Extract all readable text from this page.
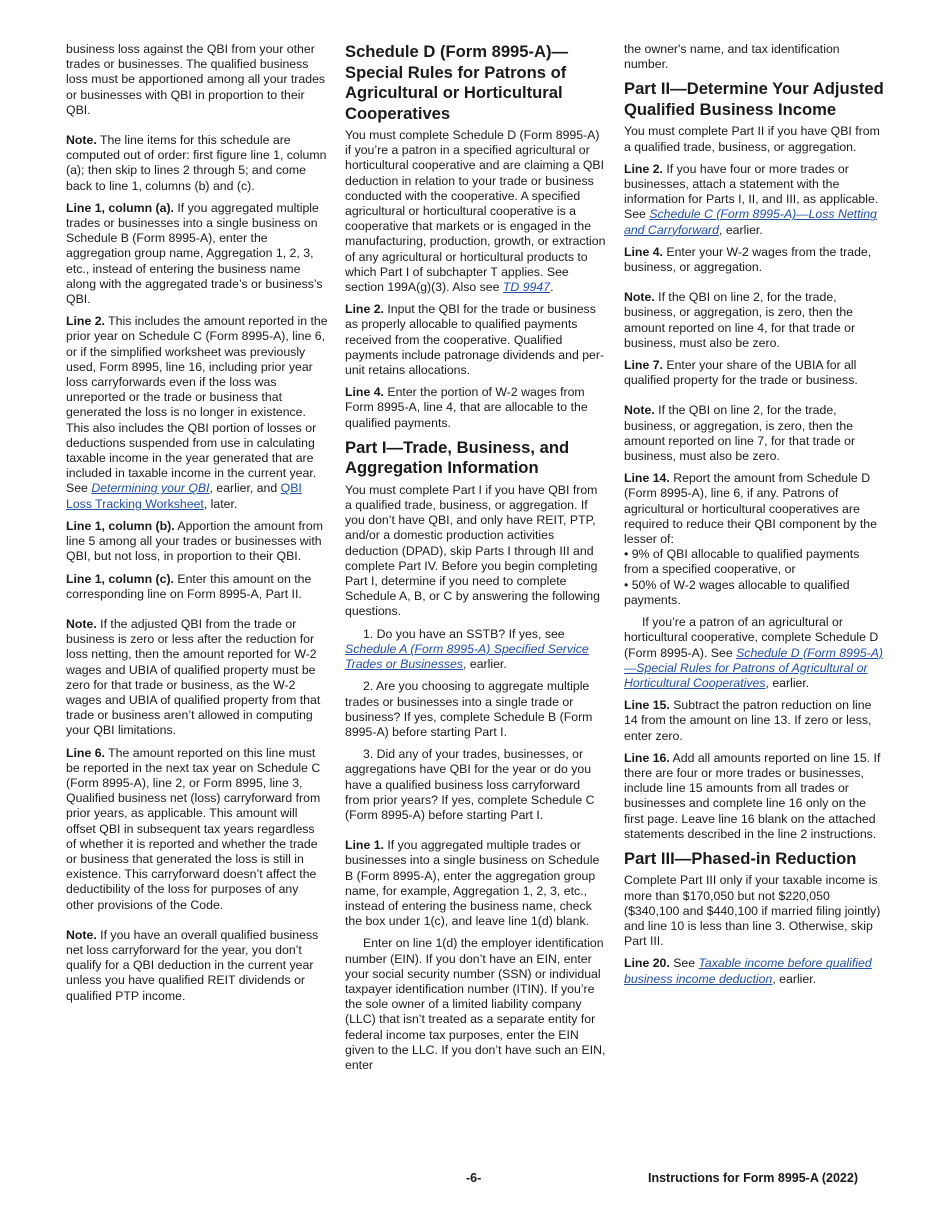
business loss against the QBI from your other trades or businesses. The qualified business loss must be apportioned among all your trades or businesses with QBI in proportion to their QBI.

Note. The line items for this schedule are computed out of order: first figure line 1, column (a); then skip to lines 2 through 5; and come back to line 1, columns (b) and (c).

Line 1, column (a). If you aggregated multiple trades or businesses into a single business on Schedule B (Form 8995-A), enter the aggregation group name, Aggregation 1, 2, 3, etc., instead of entering the business name along with the aggregated trade’s or business’s QBI.

Line 2. This includes the amount reported in the prior year on Schedule C (Form 8995-A), line 6, or if the simplified worksheet was previously used, Form 8995, line 16, including prior year loss carryforwards even if the loss was unreported or the trade or business that generated the loss is no longer in existence. This also includes the QBI portion of losses or deductions suspended from use in calculating taxable income in the year generated that are included in taxable income in the current year. See Determining your QBI, earlier, and QBI Loss Tracking Worksheet, later.

Line 1, column (b). Apportion the amount from line 5 among all your trades or businesses with QBI, but not loss, in proportion to their QBI.

Line 1, column (c). Enter this amount on the corresponding line on Form 8995-A, Part II.

Note. If the adjusted QBI from the trade or business is zero or less after the reduction for loss netting, then the amount reported for W-2 wages and UBIA of qualified property must be zero for that trade or business, as the W-2 wages and UBIA of qualified property from that trade or business aren’t allowed in computing your QBI limitations.

Line 6. The amount reported on this line must be reported in the next tax year on Schedule C (Form 8995-A), line 2, or Form 8995, line 3, Qualified business net (loss) carryforward from prior years, as applicable. This amount will offset QBI in subsequent tax years regardless of whether it is reported and whether the trade or business that generated the loss is still in existence. This carryforward doesn’t affect the deductibility of the loss for purposes of any other provisions of the Code.

Note. If you have an overall qualified business net loss carryforward for the year, you don’t qualify for a QBI deduction in the current year unless you have qualified REIT dividends or qualified PTP income.

Schedule D (Form 8995-A)—Special Rules for Patrons of Agricultural or Horticultural Cooperatives

You must complete Schedule D (Form 8995-A) if you’re a patron in a specified agricultural or horticultural cooperative and are claiming a QBI deduction in relation to your trade or business conducted with the cooperative. A specified agricultural or horticultural cooperative is a cooperative that markets or is engaged in the manufacturing, production, growth, or extraction of any agricultural or horticultural products to which Part I of subchapter T applies. See section 199A(g)(3). Also see TD 9947.

Line 2. Input the QBI for the trade or business as properly allocable to qualified payments received from the cooperative. Qualified payments include patronage dividends and per-unit retains allocations.

Line 4. Enter the portion of W-2 wages from Form 8995-A, line 4, that are allocable to the qualified payments.

Part I—Trade, Business, and Aggregation Information

You must complete Part I if you have QBI from a qualified trade, business, or aggregation. If you don’t have QBI, and only have REIT, PTP, and/or a domestic production activities deduction (DPAD), skip Parts I through III and complete Part IV. Before you begin completing Part I, determine if you need to complete Schedule A, B, or C by answering the following questions.

1. Do you have an SSTB? If yes, see Schedule A (Form 8995-A) Specified Service Trades or Businesses, earlier.

2. Are you choosing to aggregate multiple trades or businesses into a single trade or business? If yes, complete Schedule B (Form 8995-A) before starting Part I.

3. Did any of your trades, businesses, or aggregations have QBI for the year or do you have a qualified business loss carryforward from prior years? If yes, complete Schedule C (Form 8995-A) before starting Part I.

Line 1. If you aggregated multiple trades or businesses into a single business on Schedule B (Form 8995-A), enter the aggregation group name, for example, Aggregation 1, 2, 3, etc., instead of entering the business name, check the box under 1(c), and leave line 1(d) blank.

Enter on line 1(d) the employer identification number (EIN). If you don’t have an EIN, enter your social security number (SSN) or individual taxpayer identification number (ITIN). If you’re the sole owner of a limited liability company (LLC) that isn’t treated as a separate entity for federal income tax purposes, enter the EIN given to the LLC. If you don’t have such an EIN, enter

the owner's name, and tax identification number.

Part II—Determine Your Adjusted Qualified Business Income

You must complete Part II if you have QBI from a qualified trade, business, or aggregation.

Line 2. If you have four or more trades or businesses, attach a statement with the information for Parts I, II, and III, as applicable. See Schedule C (Form 8995-A)—Loss Netting and Carryforward, earlier.

Line 4. Enter your W-2 wages from the trade, business, or aggregation.

Note. If the QBI on line 2, for the trade, business, or aggregation, is zero, then the amount reported on line 4, for that trade or business, must also be zero.

Line 7. Enter your share of the UBIA for all qualified property for the trade or business.

Note. If the QBI on line 2, for the trade, business, or aggregation, is zero, then the amount reported on line 7, for that trade or business, must also be zero.

Line 14. Report the amount from Schedule D (Form 8995-A), line 6, if any. Patrons of agricultural or horticultural cooperatives are required to reduce their QBI component by the lesser of:

• 9% of QBI allocable to qualified payments from a specified cooperative, or

• 50% of W-2 wages allocable to qualified payments.

If you’re a patron of an agricultural or horticultural cooperative, complete Schedule D (Form 8995-A). See Schedule D (Form 8995-A)—Special Rules for Patrons of Agricultural or Horticultural Cooperatives, earlier.

Line 15. Subtract the patron reduction on line 14 from the amount on line 13. If zero or less, enter zero.

Line 16. Add all amounts reported on line 15. If there are four or more trades or businesses, include line 15 amounts from all trades or businesses and complete line 16 only on the first page. Leave line 16 blank on the attached statements described in the line 2 instructions.

Part III—Phased-in Reduction

Complete Part III only if your taxable income is more than $170,050 but not $220,050 ($340,100 and $440,100 if married filing jointly) and line 10 is less than line 3. Otherwise, skip Part III.

Line 20. See Taxable income before qualified business income deduction, earlier.

-6-	Instructions for Form 8995-A (2022)
